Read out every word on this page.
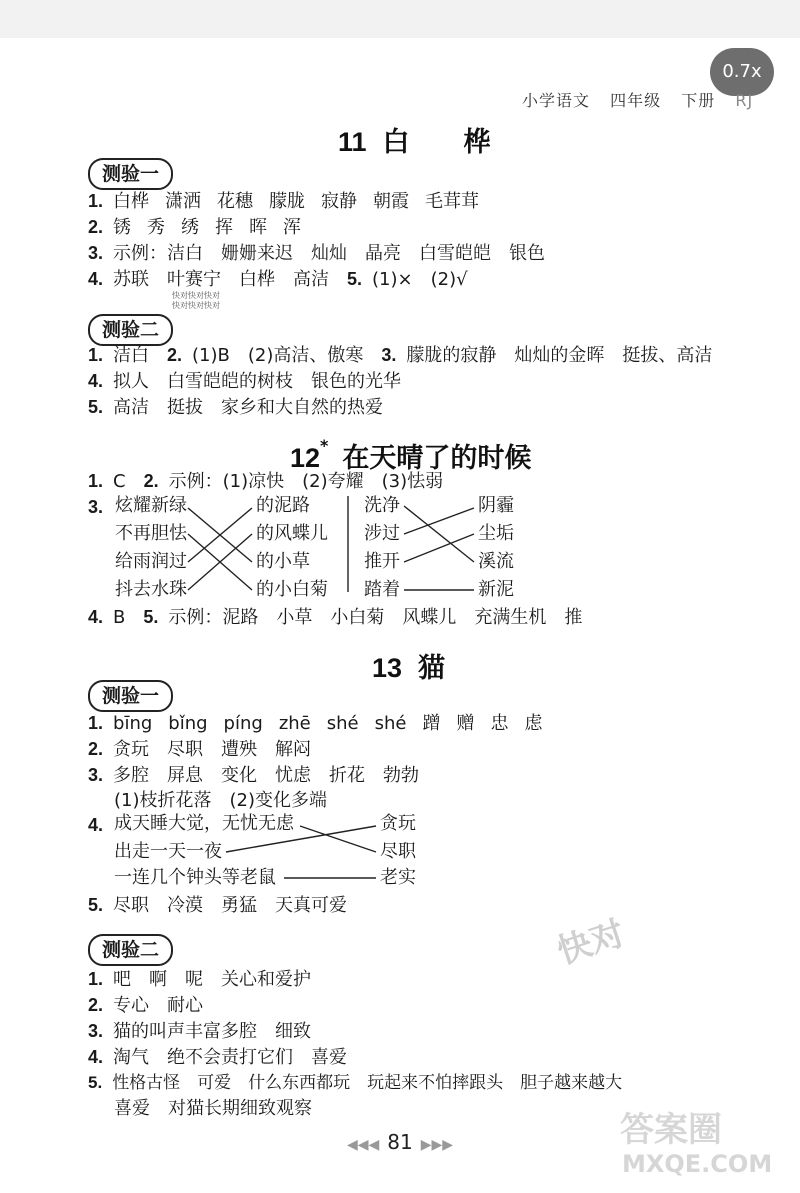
0.7x
小学语文 四年级 下册 RJ
11 白　　桦
测验一
1. 白桦 潇洒 花穗 朦胧 寂静 朝霞 毛茸茸
2. 锈 秀 绣 挥 晖 浑
3. 示例：洁白　姗姗来迟　灿灿　晶亮　白雪皑皑　银色
4. 苏联　叶赛宁　白桦　高洁　 5. (1)×　(2)√
快对快对快对
快对快对快对
测验二
1. 洁白　 2. (1)B　(2)高洁、傲寒　 3. 朦胧的寂静　灿灿的金晖　挺拔、高洁
4. 拟人　白雪皑皑的树枝　银色的光华
5. 高洁　挺拔　家乡和大自然的热爱
12* 在天晴了的时候
1. C　 2. 示例：(1)凉快　(2)夸耀　(3)怯弱
3. 炫耀新绿
不再胆怯
给雨润过
抖去水珠
的泥路
的风蝶儿
的小草
的小白菊
洗净
涉过
推开
踏着
阴霾
尘垢
溪流
新泥
4. B　 5. 示例：泥路　小草　小白菊　风蝶儿　充满生机　推
13 猫
测验一
1. bīng bǐng píng zhē shé shé 蹭 赠 忠 虑
2. 贪玩　尽职　遭殃　解闷
3. 多腔　屏息　变化　忧虑　折花　勃勃
(1)枝折花落　(2)变化多端
4. 成天睡大觉，无忧无虑
出走一天一夜
一连几个钟头等老鼠
贪玩
尽职
老实
5. 尽职　冷漠　勇猛　天真可爱
测验二
1. 吧　啊　呢　关心和爱护
2. 专心　耐心
3. 猫的叫声丰富多腔　细致
4. 淘气　绝不会责打它们　喜爱
5. 性格古怪　可爱　什么东西都玩　玩起来不怕摔跟头　胆子越来越大
喜爱　对猫长期细致观察
快对
答案圈
MXQE.COM
◀◀◀ 81 ▶▶▶
